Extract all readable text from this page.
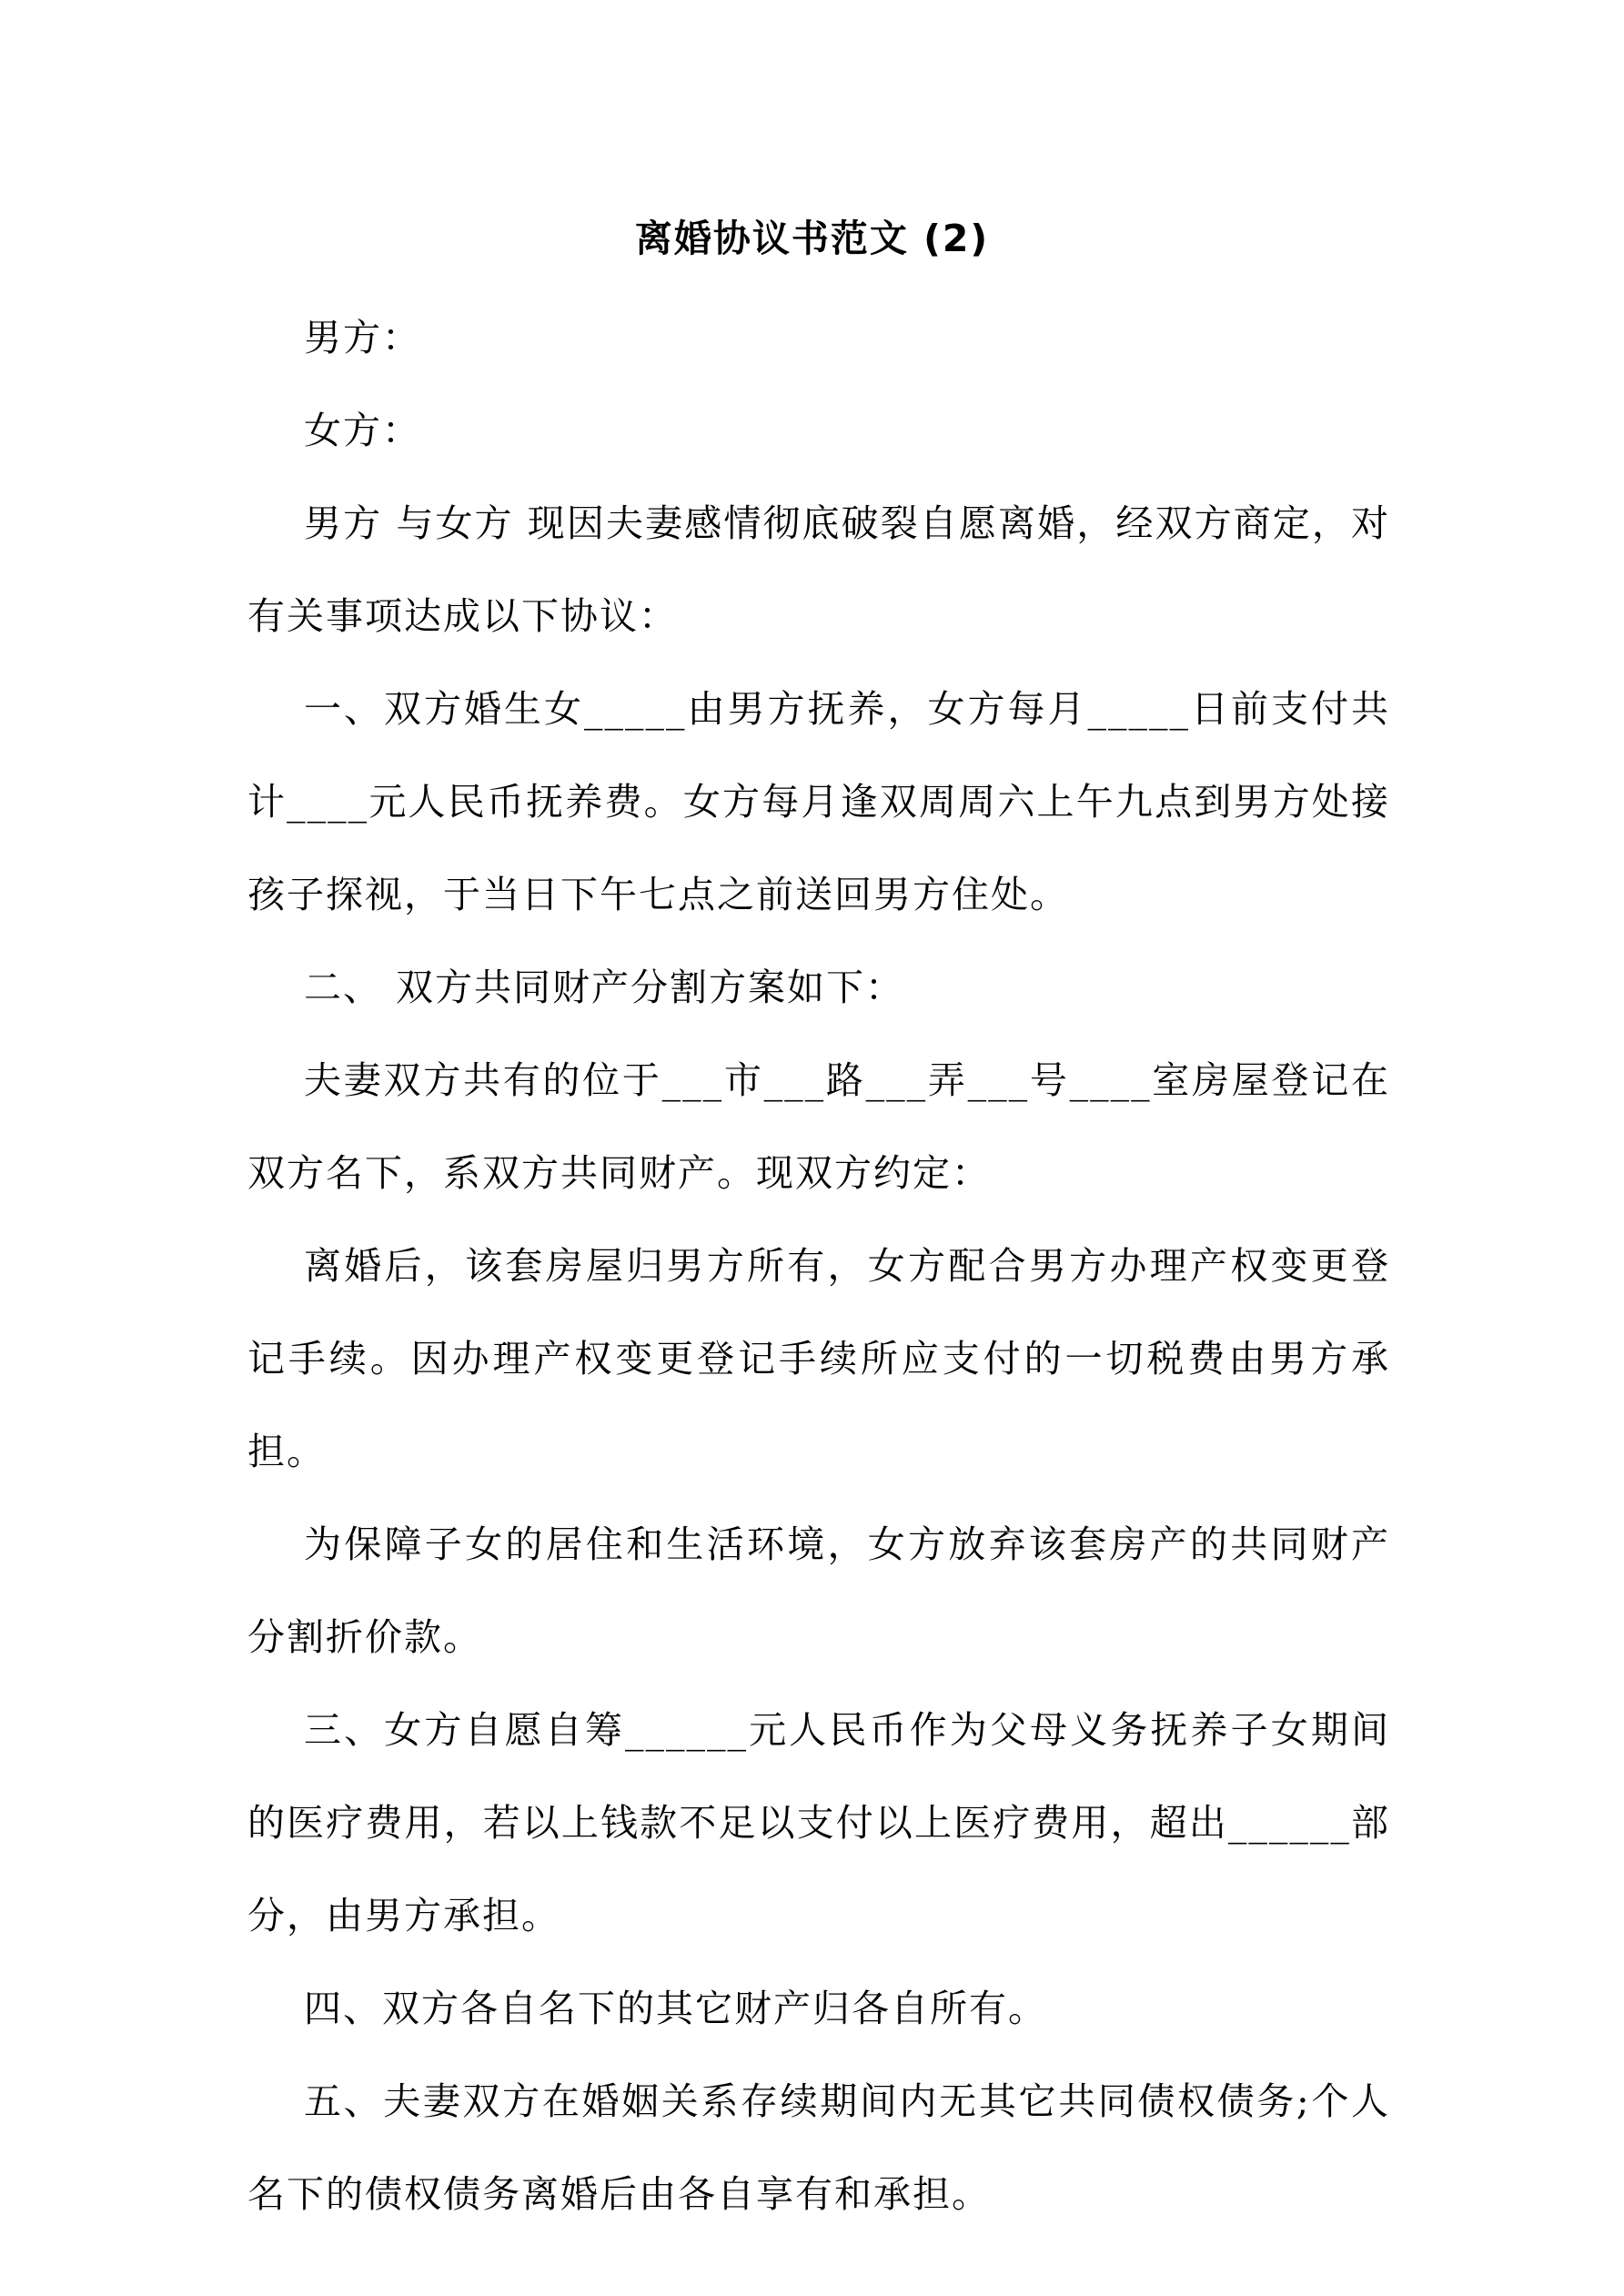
离婚协议书范文 (2)

男方：

女方：

男方 与女方 现因夫妻感情彻底破裂自愿离婚，经双方商定，对有关事项达成以下协议：

一、双方婚生女_____由男方抚养，女方每月_____日前支付共计____元人民币抚养费。女方每月逢双周周六上午九点到男方处接孩子探视，于当日下午七点之前送回男方住处。

二、 双方共同财产分割方案如下：

夫妻双方共有的位于___市___路___弄___号____室房屋登记在双方名下，系双方共同财产。现双方约定：

离婚后，该套房屋归男方所有，女方配合男方办理产权变更登记手续。因办理产权变更登记手续所应支付的一切税费由男方承担。

为保障子女的居住和生活环境，女方放弃该套房产的共同财产分割折价款。

三、女方自愿自筹______元人民币作为父母义务抚养子女期间的医疗费用，若以上钱款不足以支付以上医疗费用，超出______部分，由男方承担。

四、双方各自名下的其它财产归各自所有。

五、夫妻双方在婚姻关系存续期间内无其它共同债权债务;个人名下的债权债务离婚后由各自享有和承担。
